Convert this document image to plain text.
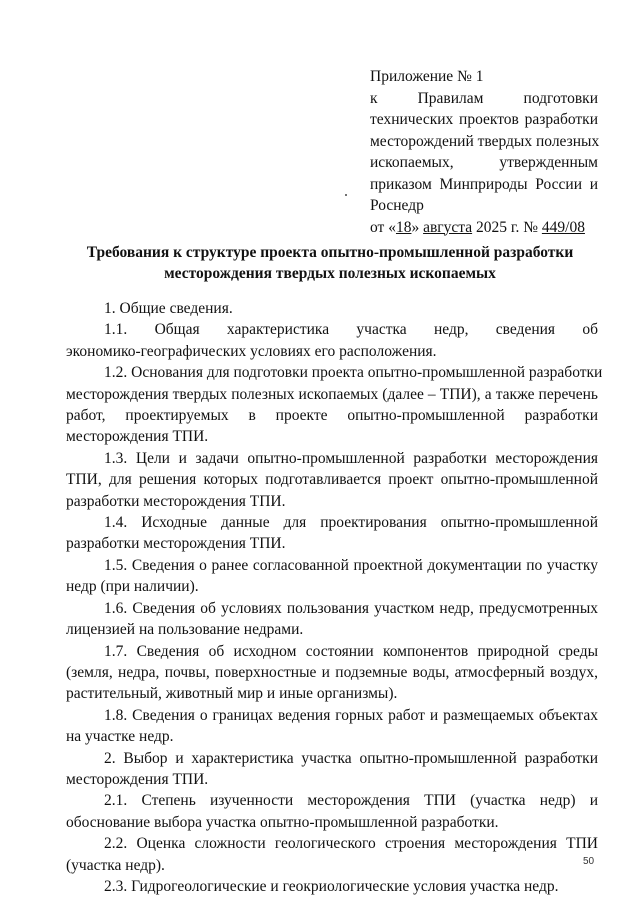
Приложение № 1
к Правилам подготовки
технических проектов разработки
месторождений твердых полезных
ископаемых, утвержденным
приказом Минприроды России и
Роснедр
от «18» августа 2025 г. № 449/08
Требования к структуре проекта опытно-промышленной разработки
месторождения твердых полезных ископаемых
1. Общие сведения.
1.1. Общая характеристика участка недр, сведения об
экономико-географических условиях его расположения.
1.2. Основания для подготовки проекта опытно-промышленной разработки
месторождения твердых полезных ископаемых (далее – ТПИ), а также перечень
работ, проектируемых в проекте опытно-промышленной разработки
месторождения ТПИ.
1.3. Цели и задачи опытно-промышленной разработки месторождения
ТПИ, для решения которых подготавливается проект опытно-промышленной
разработки месторождения ТПИ.
1.4. Исходные данные для проектирования опытно-промышленной
разработки месторождения ТПИ.
1.5. Сведения о ранее согласованной проектной документации по участку
недр (при наличии).
1.6. Сведения об условиях пользования участком недр, предусмотренных
лицензией на пользование недрами.
1.7. Сведения об исходном состоянии компонентов природной среды
(земля, недра, почвы, поверхностные и подземные воды, атмосферный воздух,
растительный, животный мир и иные организмы).
1.8. Сведения о границах ведения горных работ и размещаемых объектах
на участке недр.
2. Выбор и характеристика участка опытно-промышленной разработки
месторождения ТПИ.
2.1. Степень изученности месторождения ТПИ (участка недр) и
обоснование выбора участка опытно-промышленной разработки.
2.2. Оценка сложности геологического строения месторождения ТПИ
(участка недр).
2.3. Гидрогеологические и геокриологические условия участка недр.
50
